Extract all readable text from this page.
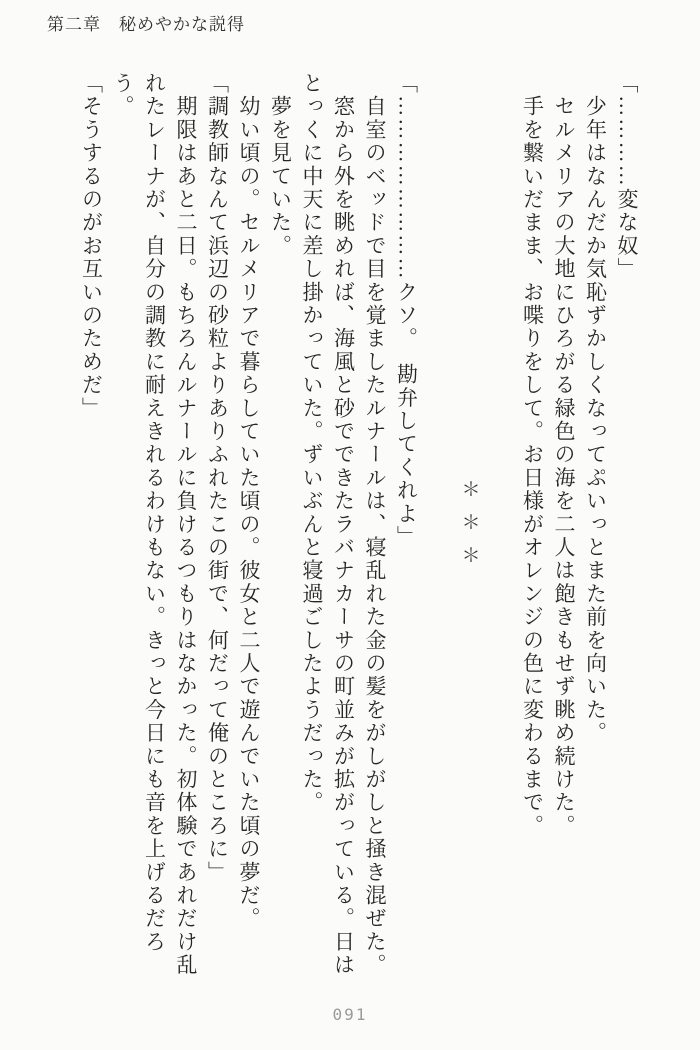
第二章　秘めやかな説得

「…………変な奴」

　少年はなんだか気恥ずかしくなってぷいっとまた前を向いた。

　セルメリアの大地にひろがる緑色の海を二人は飽きもせず眺め続けた。

　手を繋いだまま、お喋りをして。お日様がオレンジの色に変わるまで。

＊＊＊

「……………………クソ。　勘弁してくれよ」

　自室のベッドで目を覚ましたルナールは、寝乱れた金の髪をがしがしと掻き混ぜた。

　窓から外を眺めれば、海風と砂でできたラバナカーサの町並みが拡がっている。日はとっくに中天に差し掛かっていた。ずいぶんと寝過ごしたようだった。

　夢を見ていた。

　幼い頃の。セルメリアで暮らしていた頃の。彼女と二人で遊んでいた頃の夢だ。

「調教師なんて浜辺の砂粒よりありふれたこの街で、何だって俺のところに」

　期限はあと二日。もちろんルナールに負けるつもりはなかった。初体験であれだけ乱れたレーナが、自分の調教に耐えきれるわけもない。きっと今日にも音を上げるだろう。

「そうするのがお互いのためだ」

091
